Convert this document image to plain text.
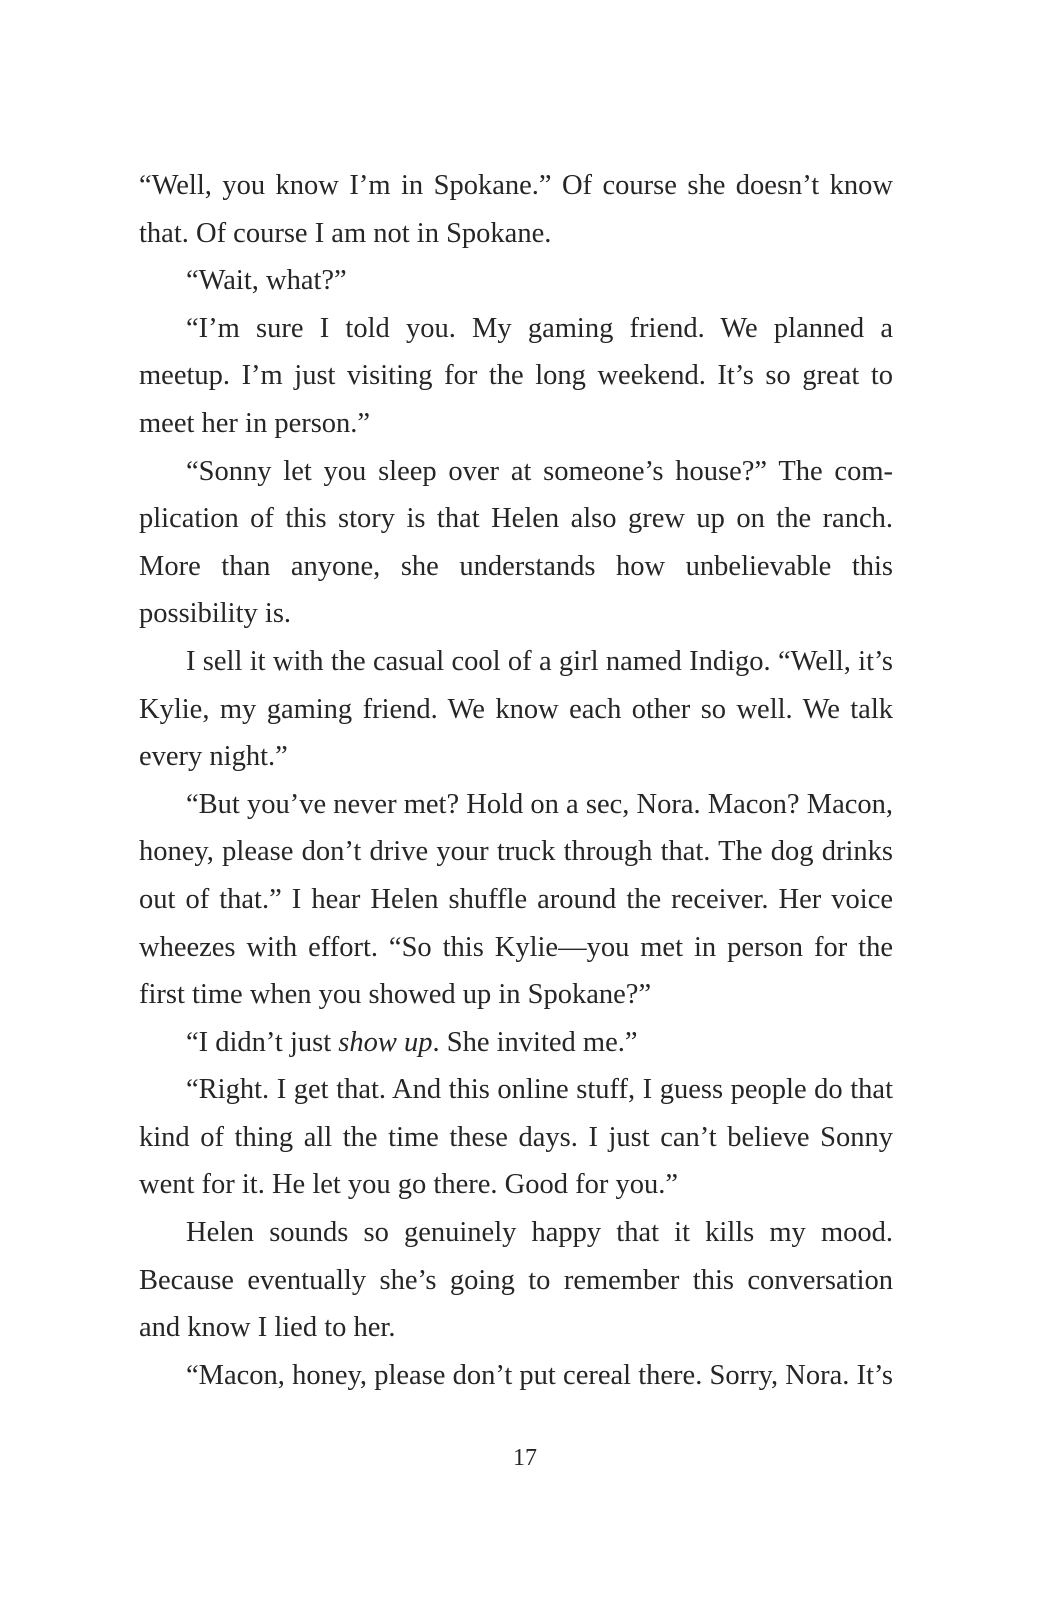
“Well, you know I’m in Spokane.” Of course she doesn’t know that. Of course I am not in Spokane.

“Wait, what?”

“I’m sure I told you. My gaming friend. We planned a meetup. I’m just visiting for the long weekend. It’s so great to meet her in person.”

“Sonny let you sleep over at someone’s house?” The complication of this story is that Helen also grew up on the ranch. More than anyone, she understands how unbelievable this possibility is.

I sell it with the casual cool of a girl named Indigo. “Well, it’s Kylie, my gaming friend. We know each other so well. We talk every night.”

“But you’ve never met? Hold on a sec, Nora. Macon? Macon, honey, please don’t drive your truck through that. The dog drinks out of that.” I hear Helen shuffle around the receiver. Her voice wheezes with effort. “So this Kylie—you met in person for the first time when you showed up in Spokane?”

“I didn’t just show up. She invited me.”

“Right. I get that. And this online stuff, I guess people do that kind of thing all the time these days. I just can’t believe Sonny went for it. He let you go there. Good for you.”

Helen sounds so genuinely happy that it kills my mood. Because eventually she’s going to remember this conversation and know I lied to her.

“Macon, honey, please don’t put cereal there. Sorry, Nora. It’s

17
